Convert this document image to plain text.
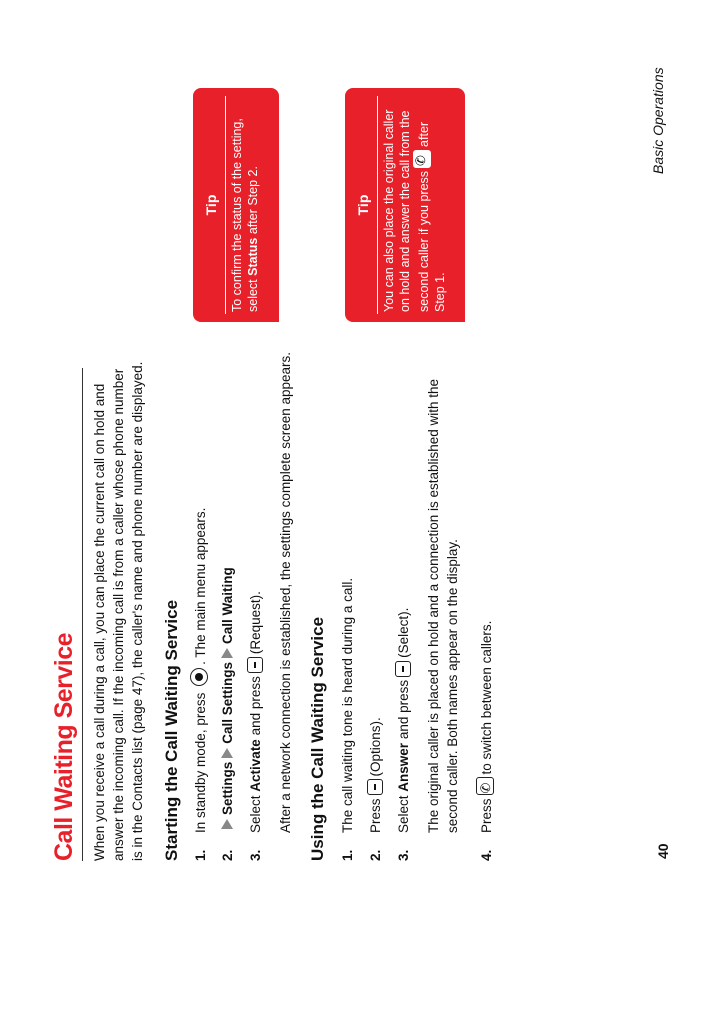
Call Waiting Service When you receive a call during a call, you can place the current call on hold and answer the incoming call. If the incoming call is from a caller whose phone number is in the Contacts list (page 47), the caller's name and phone number are displayed. Starting the Call Waiting Service 1.In standby mode, press . The main menu appears.
2.SettingsCall SettingsCall Waiting
3.Select Activate and press(Request). After a network connection is established, the settings complete screen appears. Using the Call Waiting Service 1.The call waiting tone is heard during a call.
2.Press(Options).
3.Select Answer and press(Select). The original caller is placed on hold and a connection is established with the second caller. Both names appear on the display.
4.Press✆to switch between callers.
Tip To confirm the status of the setting, select Status after Step 2.	Tip You can also place the original caller on hold and answer the call from the second caller if you press✆after Step 1.
40
Basic Operations
